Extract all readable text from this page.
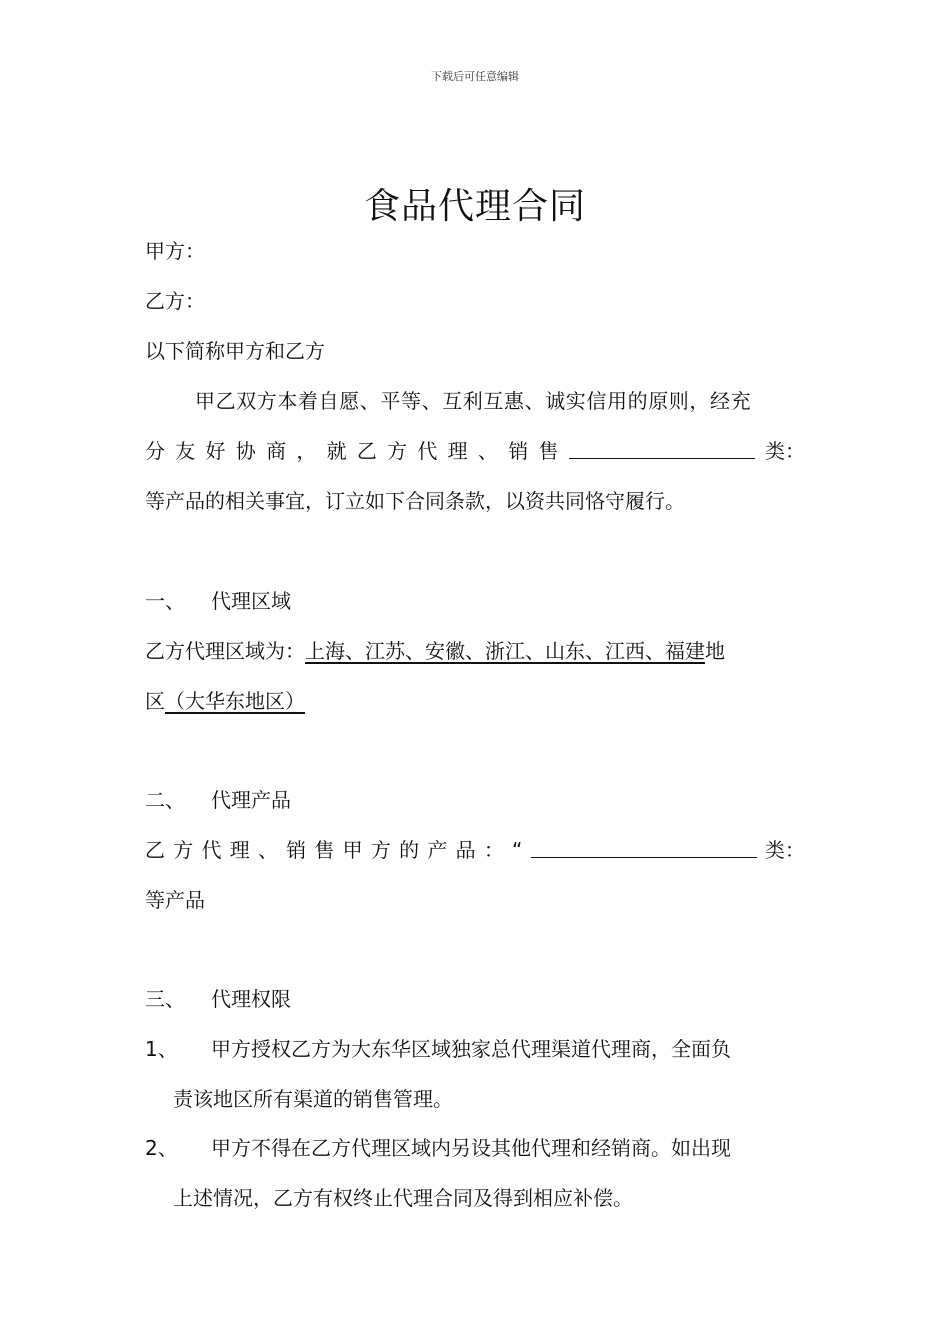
下载后可任意编辑
食品代理合同
甲方：
乙方：
以下简称甲方和乙方
甲乙双方本着自愿、平等、互利互惠、诚实信用的原则，经充
分 友 好 协 商 ， 就 乙 方 代 理 、 销 售	类：
等产品的相关事宜，订立如下合同条款，以资共同恪守履行。
一、 代理区域
乙方代理区域为：上海、江苏、安徽、浙江、山东、江西、福建地
区（大华东地区）
二、 代理产品
乙 方 代 理 、 销 售 甲 方 的 产 品 ： “	类：
等产品
三、 代理权限
1、 甲方授权乙方为大东华区域独家总代理渠道代理商，全面负
责该地区所有渠道的销售管理。
2、 甲方不得在乙方代理区域内另设其他代理和经销商。如出现
上述情况，乙方有权终止代理合同及得到相应补偿。
